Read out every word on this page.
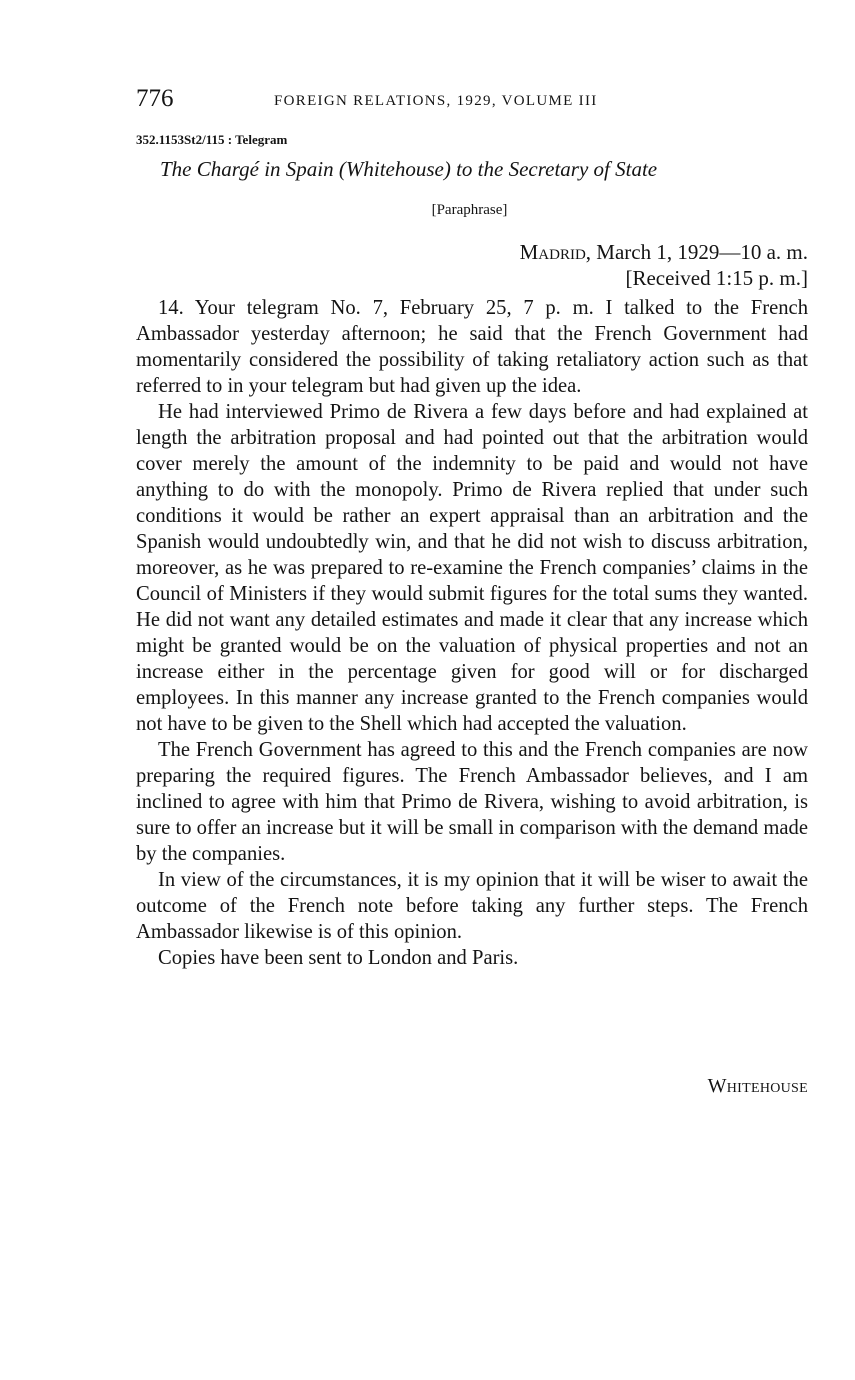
776	FOREIGN RELATIONS, 1929, VOLUME III
352.1153St2/115 : Telegram
The Chargé in Spain (Whitehouse) to the Secretary of State
[Paraphrase]
Madrid, March 1, 1929—10 a. m.
[Received 1:15 p. m.]

14. Your telegram No. 7, February 25, 7 p. m. I talked to the French Ambassador yesterday afternoon; he said that the French Government had momentarily considered the possibility of taking retaliatory action such as that referred to in your telegram but had given up the idea.

He had interviewed Primo de Rivera a few days before and had explained at length the arbitration proposal and had pointed out that the arbitration would cover merely the amount of the indemnity to be paid and would not have anything to do with the monopoly. Primo de Rivera replied that under such conditions it would be rather an expert appraisal than an arbitration and the Spanish would undoubtedly win, and that he did not wish to discuss arbitration, moreover, as he was prepared to re-examine the French companies’ claims in the Council of Ministers if they would submit figures for the total sums they wanted. He did not want any detailed estimates and made it clear that any increase which might be granted would be on the valuation of physical properties and not an increase either in the percentage given for good will or for discharged employees. In this manner any increase granted to the French companies would not have to be given to the Shell which had accepted the valuation.

The French Government has agreed to this and the French companies are now preparing the required figures. The French Ambassador believes, and I am inclined to agree with him that Primo de Rivera, wishing to avoid arbitration, is sure to offer an increase but it will be small in comparison with the demand made by the companies.

In view of the circumstances, it is my opinion that it will be wiser to await the outcome of the French note before taking any further steps. The French Ambassador likewise is of this opinion.

Copies have been sent to London and Paris.

Whitehouse
